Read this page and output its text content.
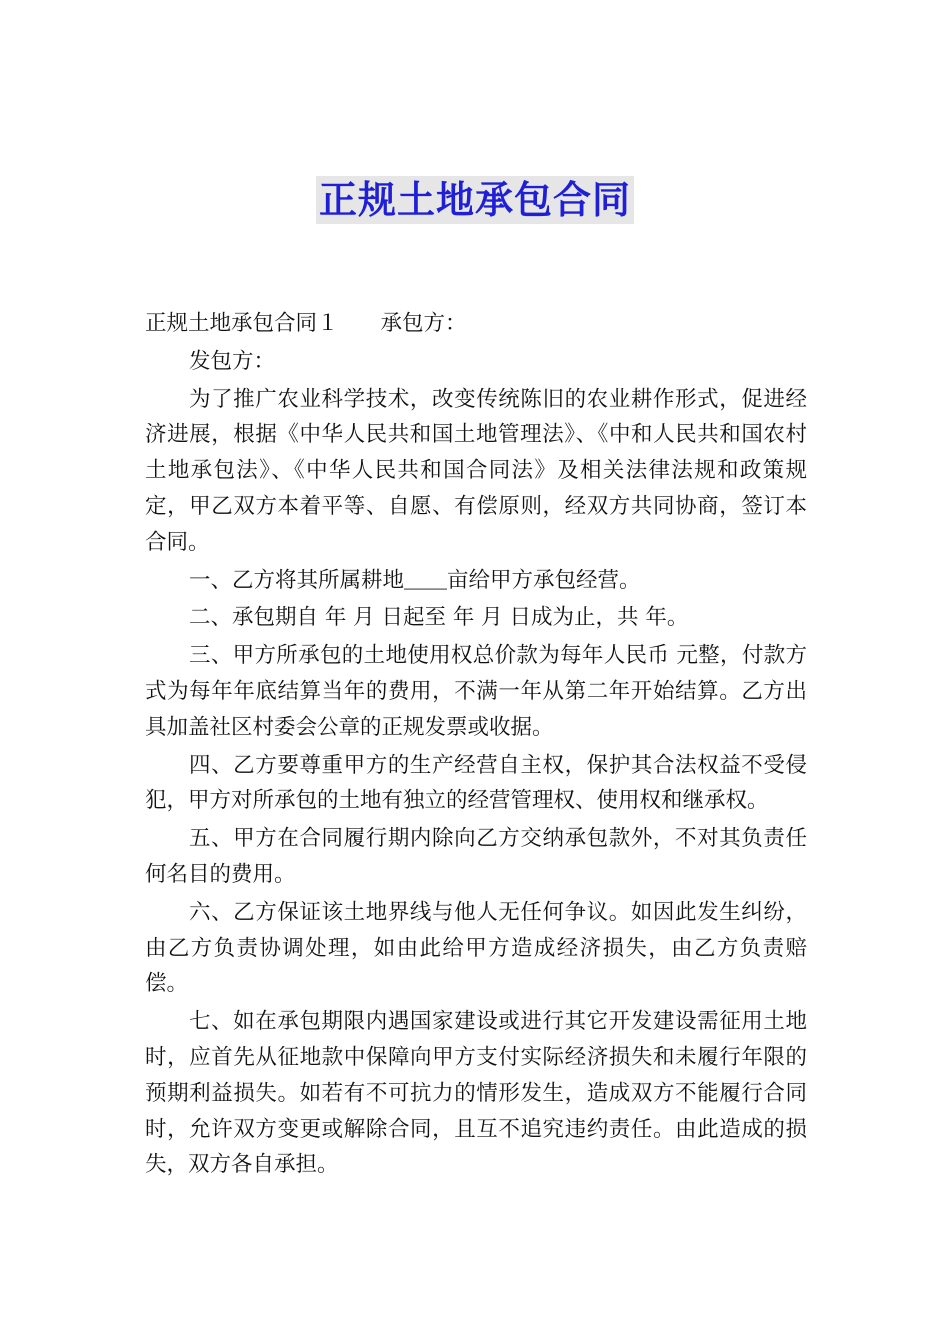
正规土地承包合同

正规土地承包合同１ 承包方：

发包方：

为了推广农业科学技术，改变传统陈旧的农业耕作形式，促进经济进展，根据《中华人民共和国土地管理法》、《中和人民共和国农村土地承包法》、《中华人民共和国合同法》及相关法律法规和政策规定，甲乙双方本着平等、自愿、有偿原则，经双方共同协商，签订本合同。

一、乙方将其所属耕地＿＿亩给甲方承包经营。

二、承包期自 年 月 日起至 年 月 日成为止，共 年。

三、甲方所承包的土地使用权总价款为每年人民币 元整，付款方式为每年年底结算当年的费用，不满一年从第二年开始结算。乙方出具加盖社区村委会公章的正规发票或收据。

四、乙方要尊重甲方的生产经营自主权，保护其合法权益不受侵犯，甲方对所承包的土地有独立的经营管理权、使用权和继承权。

五、甲方在合同履行期内除向乙方交纳承包款外，不对其负责任何名目的费用。

六、乙方保证该土地界线与他人无任何争议。如因此发生纠纷，由乙方负责协调处理，如由此给甲方造成经济损失，由乙方负责赔偿。

七、如在承包期限内遇国家建设或进行其它开发建设需征用土地时，应首先从征地款中保障向甲方支付实际经济损失和未履行年限的预期利益损失。如若有不可抗力的情形发生，造成双方不能履行合同时，允许双方变更或解除合同，且互不追究违约责任。由此造成的损失，双方各自承担。
